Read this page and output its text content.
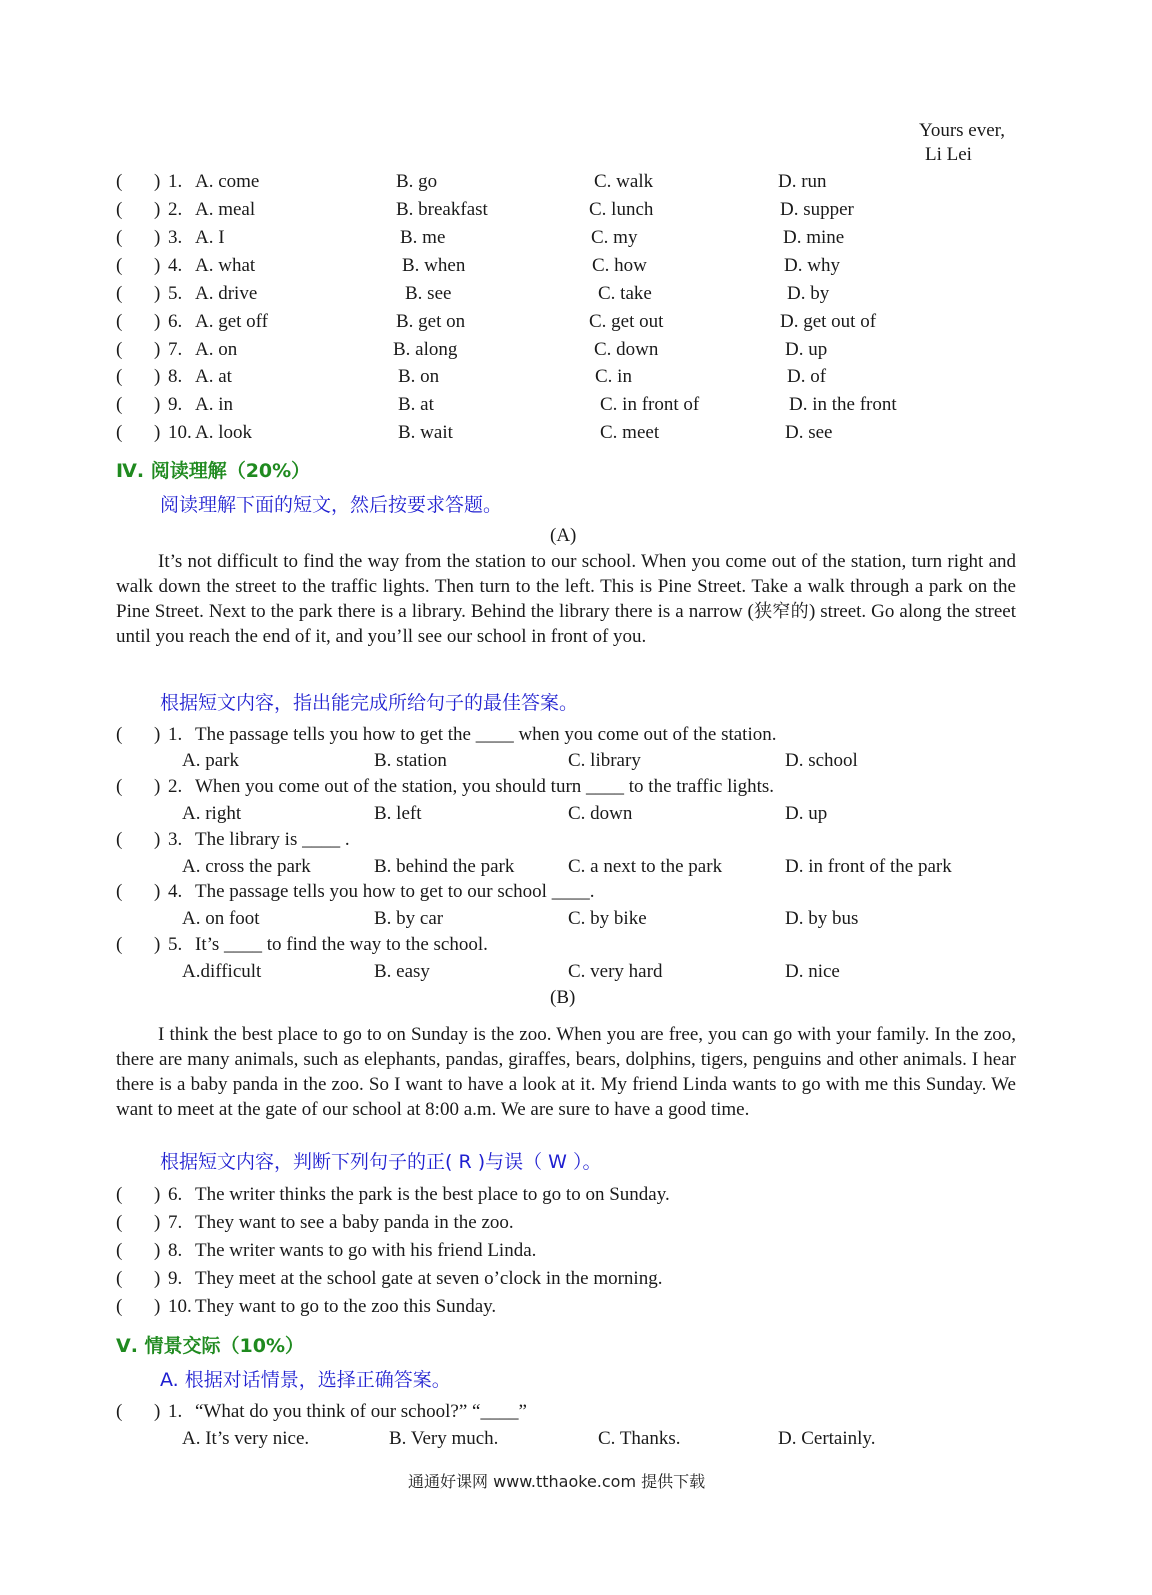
Yours ever,
Li Lei
( ) 1. A. come	B. go	C. walk	D. run
( ) 2. A. meal	B. breakfast	C. lunch	D. supper
( ) 3. A. I	B. me	C. my	D. mine
( ) 4. A. what	B. when	C. how	D. why
( ) 5. A. drive	B. see	C. take	D. by
( ) 6. A. get off	B. get on	C. get out	D. get out of
( ) 7. A. on	B. along	C. down	D. up
( ) 8. A. at	B. on	C. in	D. of
( ) 9. A. in	B. at	C. in front of	D. in the front
( ) 10. A. look	B. wait	C. meet	D. see
Ⅳ. 阅读理解（20%）
阅读理解下面的短文，然后按要求答题。
(A)
It’s not difficult to find the way from the station to our school. When you come out of the station, turn right and walk down the street to the traffic lights. Then turn to the left. This is Pine Street. Take a walk through a park on the Pine Street. Next to the park there is a library. Behind the library there is a narrow (狭窄的) street. Go along the street until you reach the end of it, and you’ll see our school in front of you.
根据短文内容，指出能完成所给句子的最佳答案。
( ) 1. The passage tells you how to get the ____ when you come out of the station.
A. park	B. station	C. library	D. school
( ) 2. When you come out of the station, you should turn ____ to the traffic lights.
A. right	B. left	C. down	D. up
( ) 3. The library is ____ .
A. cross the park	B. behind the park	C. a next to the park	D. in front of the park
( ) 4. The passage tells you how to get to our school ____.
A. on foot	B. by car	C. by bike	D. by bus
( ) 5. It’s ____ to find the way to the school.
A.difficult	B. easy	C. very hard	D. nice
(B)
I think the best place to go to on Sunday is the zoo. When you are free, you can go with your family. In the zoo, there are many animals, such as elephants, pandas, giraffes, bears, dolphins, tigers, penguins and other animals. I hear there is a baby panda in the zoo. So I want to have a look at it. My friend Linda wants to go with me this Sunday. We want to meet at the gate of our school at 8:00 a.m. We are sure to have a good time.
根据短文内容，判断下列句子的正( R )与误（ W ）。
( ) 6. The writer thinks the park is the best place to go to on Sunday.
( ) 7. They want to see a baby panda in the zoo.
( ) 8. The writer wants to go with his friend Linda.
( ) 9. They meet at the school gate at seven o’clock in the morning.
( ) 10. They want to go to the zoo this Sunday.
Ⅴ. 情景交际（10%）
A. 根据对话情景，选择正确答案。
( ) 1. “What do you think of our school?” “____”
A. It’s very nice.	B. Very much.	C. Thanks.	D. Certainly.
通通好课网 www.tthaoke.com 提供下载
